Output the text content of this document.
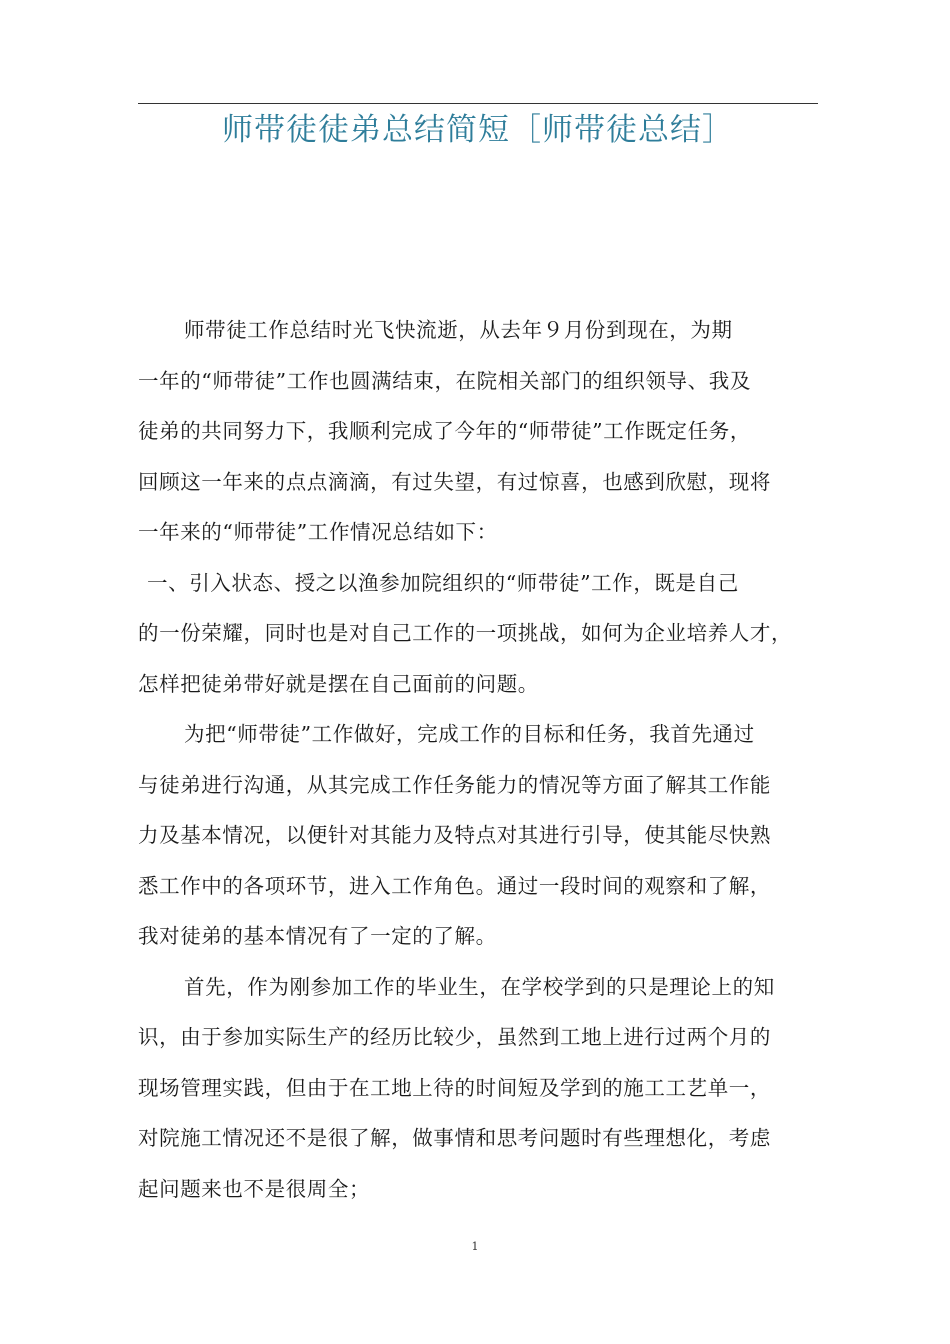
师带徒徒弟总结简短［师带徒总结］
师带徒工作总结时光飞快流逝，从去年９月份到现在，为期
一年的“师带徒”工作也圆满结束，在院相关部门的组织领导、我及
徒弟的共同努力下，我顺利完成了今年的“师带徒”工作既定任务，
回顾这一年来的点点滴滴，有过失望，有过惊喜，也感到欣慰，现将
一年来的“师带徒”工作情况总结如下：
一、引入状态、授之以渔参加院组织的“师带徒”工作，既是自己
的一份荣耀，同时也是对自己工作的一项挑战，如何为企业培养人才，
怎样把徒弟带好就是摆在自己面前的问题。
为把“师带徒”工作做好，完成工作的目标和任务，我首先通过
与徒弟进行沟通，从其完成工作任务能力的情况等方面了解其工作能
力及基本情况，以便针对其能力及特点对其进行引导，使其能尽快熟
悉工作中的各项环节，进入工作角色。通过一段时间的观察和了解，
我对徒弟的基本情况有了一定的了解。
首先，作为刚参加工作的毕业生，在学校学到的只是理论上的知
识，由于参加实际生产的经历比较少，虽然到工地上进行过两个月的
现场管理实践，但由于在工地上待的时间短及学到的施工工艺单一，
对院施工情况还不是很了解，做事情和思考问题时有些理想化，考虑
起问题来也不是很周全；
1
